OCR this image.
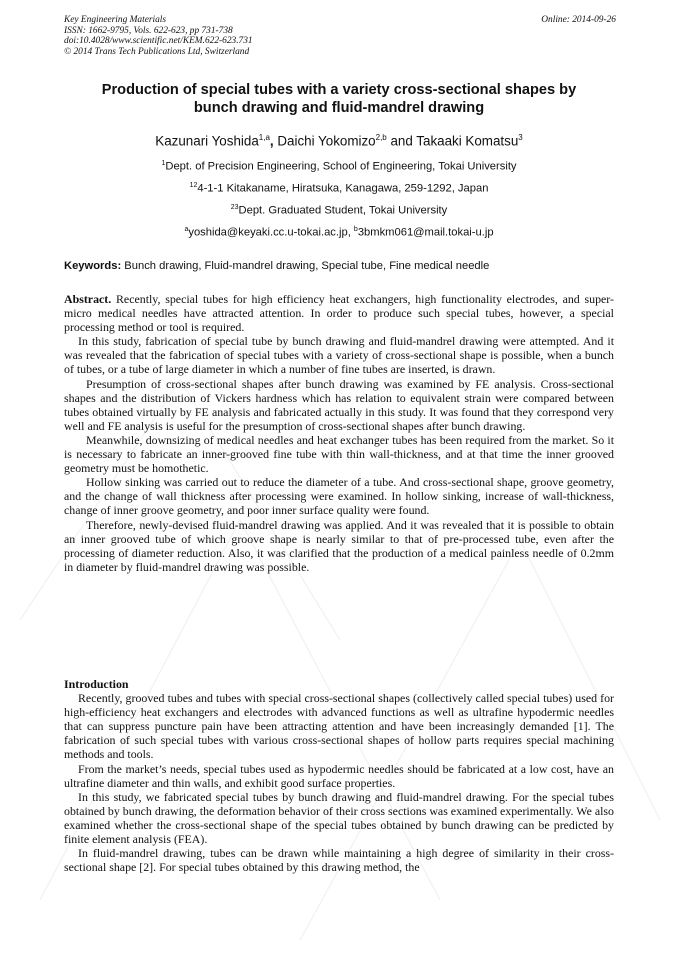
Key Engineering Materials
ISSN: 1662-9795, Vols. 622-623, pp 731-738
doi:10.4028/www.scientific.net/KEM.622-623.731
© 2014 Trans Tech Publications Ltd, Switzerland
Online: 2014-09-26
Production of special tubes with a variety cross-sectional shapes by
bunch drawing and fluid-mandrel drawing
Kazunari Yoshida$^{1,a}$, Daichi Yokomizo$^{2,b}$ and Takaaki Komatsu$^3$
$^1$Dept. of Precision Engineering, School of Engineering, Tokai University
$^{12}$4-1-1 Kitakaname, Hiratsuka, Kanagawa, 259-1292, Japan
$^{23}$Dept. Graduated Student, Tokai University
$^a$yoshida@keyaki.cc.u-tokai.ac.jp, $^b$3bmkm061@mail.tokai-u.jp
Keywords: Bunch drawing, Fluid-mandrel drawing, Special tube, Fine medical needle

Abstract. Recently, special tubes for high efficiency heat exchangers, high functionality electrodes, and super-micro medical needles have attracted attention. In order to produce such special tubes, however, a special processing method or tool is required.

In this study, fabrication of special tube by bunch drawing and fluid-mandrel drawing were attempted. And it was revealed that the fabrication of special tubes with a variety of cross-sectional shape is possible, when a bunch of tubes, or a tube of large diameter in which a number of fine tubes are inserted, is drawn.

Presumption of cross-sectional shapes after bunch drawing was examined by FE analysis. Cross-sectional shapes and the distribution of Vickers hardness which has relation to equivalent strain were compared between tubes obtained virtually by FE analysis and fabricated actually in this study. It was found that they correspond very well and FE analysis is useful for the presumption of cross-sectional shapes after bunch drawing.

Meanwhile, downsizing of medical needles and heat exchanger tubes has been required from the market. So it is necessary to fabricate an inner-grooved fine tube with thin wall-thickness, and at that time the inner grooved geometry must be homothetic.

Hollow sinking was carried out to reduce the diameter of a tube. And cross-sectional shape, groove geometry, and the change of wall thickness after processing were examined. In hollow sinking, increase of wall-thickness, change of inner groove geometry, and poor inner surface quality were found.

Therefore, newly-devised fluid-mandrel drawing was applied. And it was revealed that it is possible to obtain an inner grooved tube of which groove shape is nearly similar to that of pre-processed tube, even after the processing of diameter reduction. Also, it was clarified that the production of a medical painless needle of 0.2mm in diameter by fluid-mandrel drawing was possible.

Introduction

Recently, grooved tubes and tubes with special cross-sectional shapes (collectively called special tubes) used for high-efficiency heat exchangers and electrodes with advanced functions as well as ultrafine hypodermic needles that can suppress puncture pain have been attracting attention and have been increasingly demanded [1]. The fabrication of such special tubes with various cross-sectional shapes of hollow parts requires special machining methods and tools.

From the market’s needs, special tubes used as hypodermic needles should be fabricated at a low cost, have an ultrafine diameter and thin walls, and exhibit good surface properties.

In this study, we fabricated special tubes by bunch drawing and fluid-mandrel drawing. For the special tubes obtained by bunch drawing, the deformation behavior of their cross sections was examined experimentally. We also examined whether the cross-sectional shape of the special tubes obtained by bunch drawing can be predicted by finite element analysis (FEA).

In fluid-mandrel drawing, tubes can be drawn while maintaining a high degree of similarity in their cross-sectional shape [2]. For special tubes obtained by this drawing method, the
